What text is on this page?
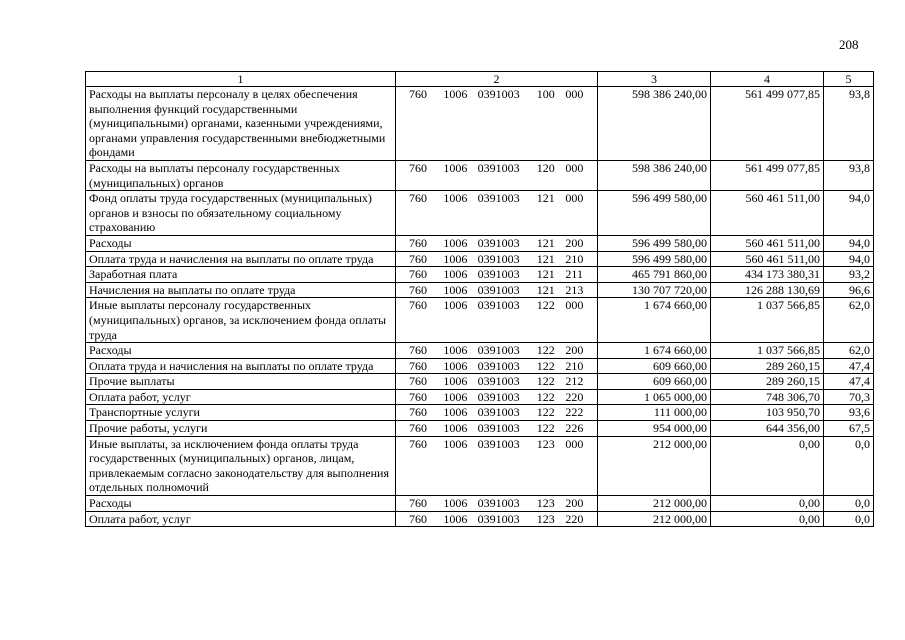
208
1	2	3	4	5
Расходы на выплаты персоналу в целях обеспечения выполнения функций государственными (муниципальными) органами, казенными учреждениями, органами управления государственными внебюджетными фондами	760 1006 0391003 100 000	598 386 240,00	561 499 077,85	93,8
Расходы на выплаты персоналу государственных (муниципальных) органов	760 1006 0391003 120 000	598 386 240,00	561 499 077,85	93,8
Фонд оплаты труда государственных (муниципальных) органов и взносы по обязательному социальному страхованию	760 1006 0391003 121 000	596 499 580,00	560 461 511,00	94,0
Расходы	760 1006 0391003 121 200	596 499 580,00	560 461 511,00	94,0
Оплата труда и начисления на выплаты по оплате труда	760 1006 0391003 121 210	596 499 580,00	560 461 511,00	94,0
Заработная плата	760 1006 0391003 121 211	465 791 860,00	434 173 380,31	93,2
Начисления на выплаты по оплате труда	760 1006 0391003 121 213	130 707 720,00	126 288 130,69	96,6
Иные выплаты персоналу государственных (муниципальных) органов, за исключением фонда оплаты труда	760 1006 0391003 122 000	1 674 660,00	1 037 566,85	62,0
Расходы	760 1006 0391003 122 200	1 674 660,00	1 037 566,85	62,0
Оплата труда и начисления на выплаты по оплате труда	760 1006 0391003 122 210	609 660,00	289 260,15	47,4
Прочие выплаты	760 1006 0391003 122 212	609 660,00	289 260,15	47,4
Оплата работ, услуг	760 1006 0391003 122 220	1 065 000,00	748 306,70	70,3
Транспортные услуги	760 1006 0391003 122 222	111 000,00	103 950,70	93,6
Прочие работы, услуги	760 1006 0391003 122 226	954 000,00	644 356,00	67,5
Иные выплаты, за исключением фонда оплаты труда государственных (муниципальных) органов, лицам, привлекаемым согласно законодательству для выполнения отдельных полномочий	760 1006 0391003 123 000	212 000,00	0,00	0,0
Расходы	760 1006 0391003 123 200	212 000,00	0,00	0,0
Оплата работ, услуг	760 1006 0391003 123 220	212 000,00	0,00	0,0
